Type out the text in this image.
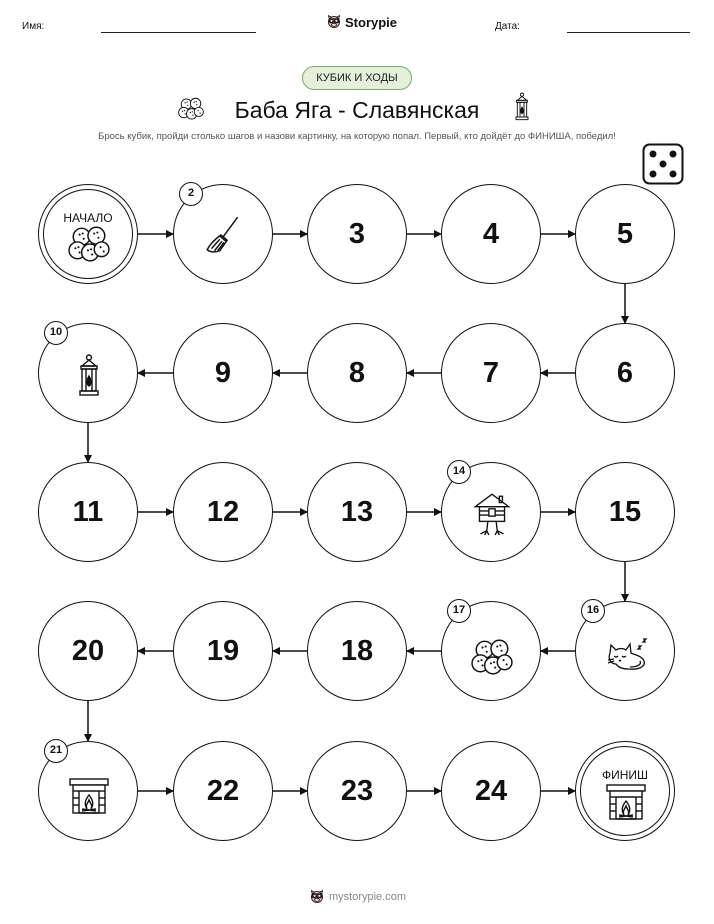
Имя:	Storypie	Дата:
КУБИК И ХОДЫ
Баба Яга - Славянская
Брось кубик, пройди столько шагов и назови картинку, на которую попал. Первый, кто дойдёт до ФИНИША, победил!
НАЧАЛО
2
3	4	5
6
7
8
9
10
11	12	13
14
15
16
17
18
19
20
21
22	23	24	ФИНИШ
mystorypie.com
